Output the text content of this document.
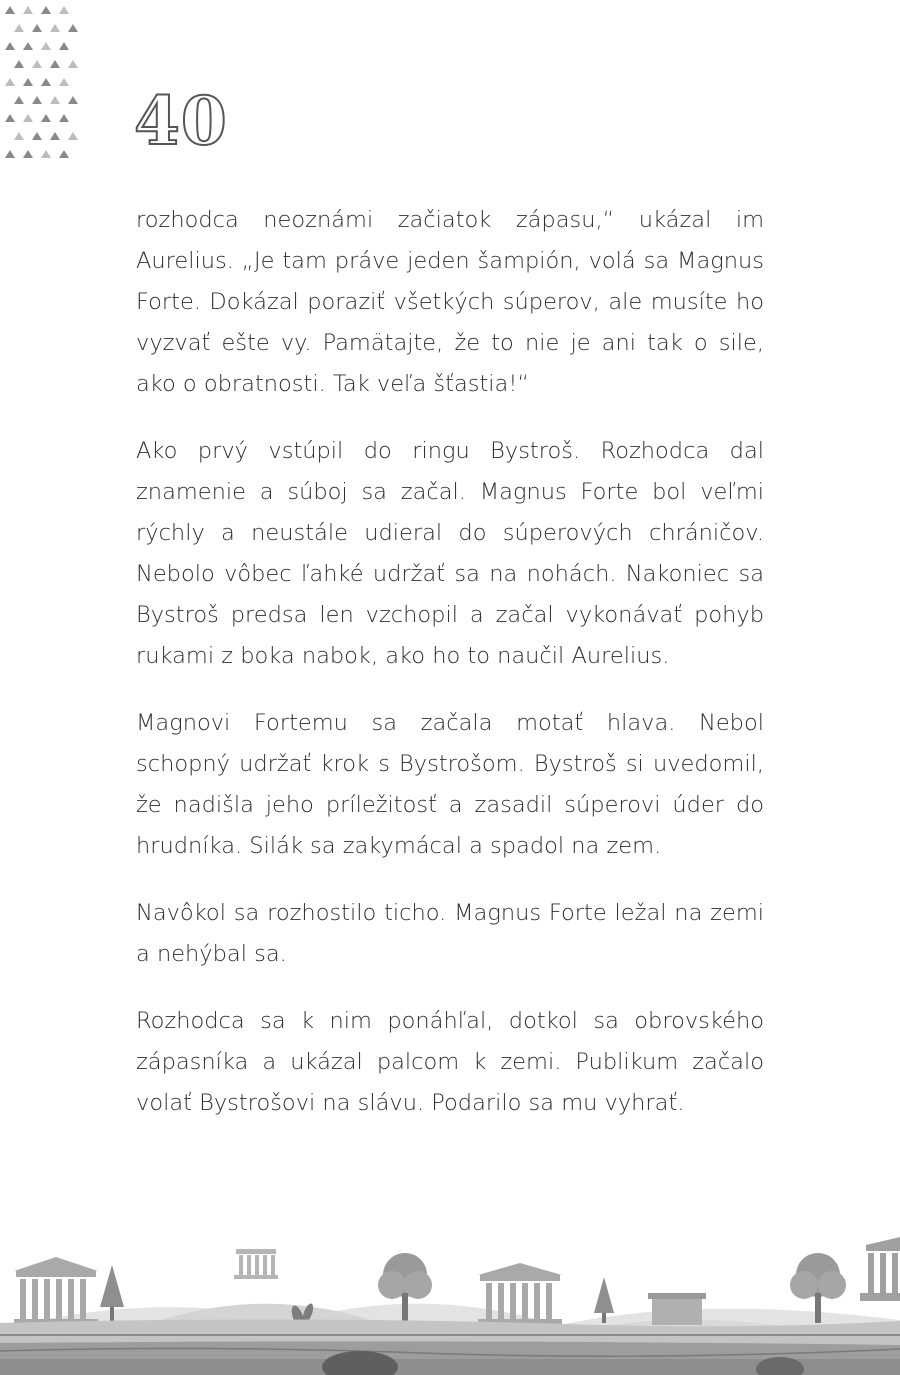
40

rozhodca neoznámi začiatok zápasu,“ ukázal im Aurelius. „Je tam práve jeden šampión, volá sa Magnus Forte. Dokázal poraziť všetkých súperov, ale musíte ho vyzvať ešte vy. Pamätajte, že to nie je ani tak o sile, ako o obratnosti. Tak veľa šťastia!“

Ako prvý vstúpil do ringu Bystroš. Rozhodca dal znamenie a súboj sa začal. Magnus Forte bol veľmi rýchly a neustále udieral do súperových chráničov. Nebolo vôbec ľahké udržať sa na nohách. Nakoniec sa Bystroš predsa len vzchopil a začal vykonávať pohyb rukami z boka nabok, ako ho to naučil Aurelius.

Magnovi Fortemu sa začala motať hlava. Nebol schopný udržať krok s Bystrošom. Bystroš si uvedomil, že nadišla jeho príležitosť a zasadil súperovi úder do hrudníka. Silák sa zakymácal a spadol na zem.

Navôkol sa rozhostilo ticho. Magnus Forte ležal na zemi a nehýbal sa.

Rozhodca sa k nim ponáhľal, dotkol sa obrovského zápasníka a ukázal palcom k zemi. Publikum začalo volať Bystrošovi na slávu. Podarilo sa mu vyhrať.
